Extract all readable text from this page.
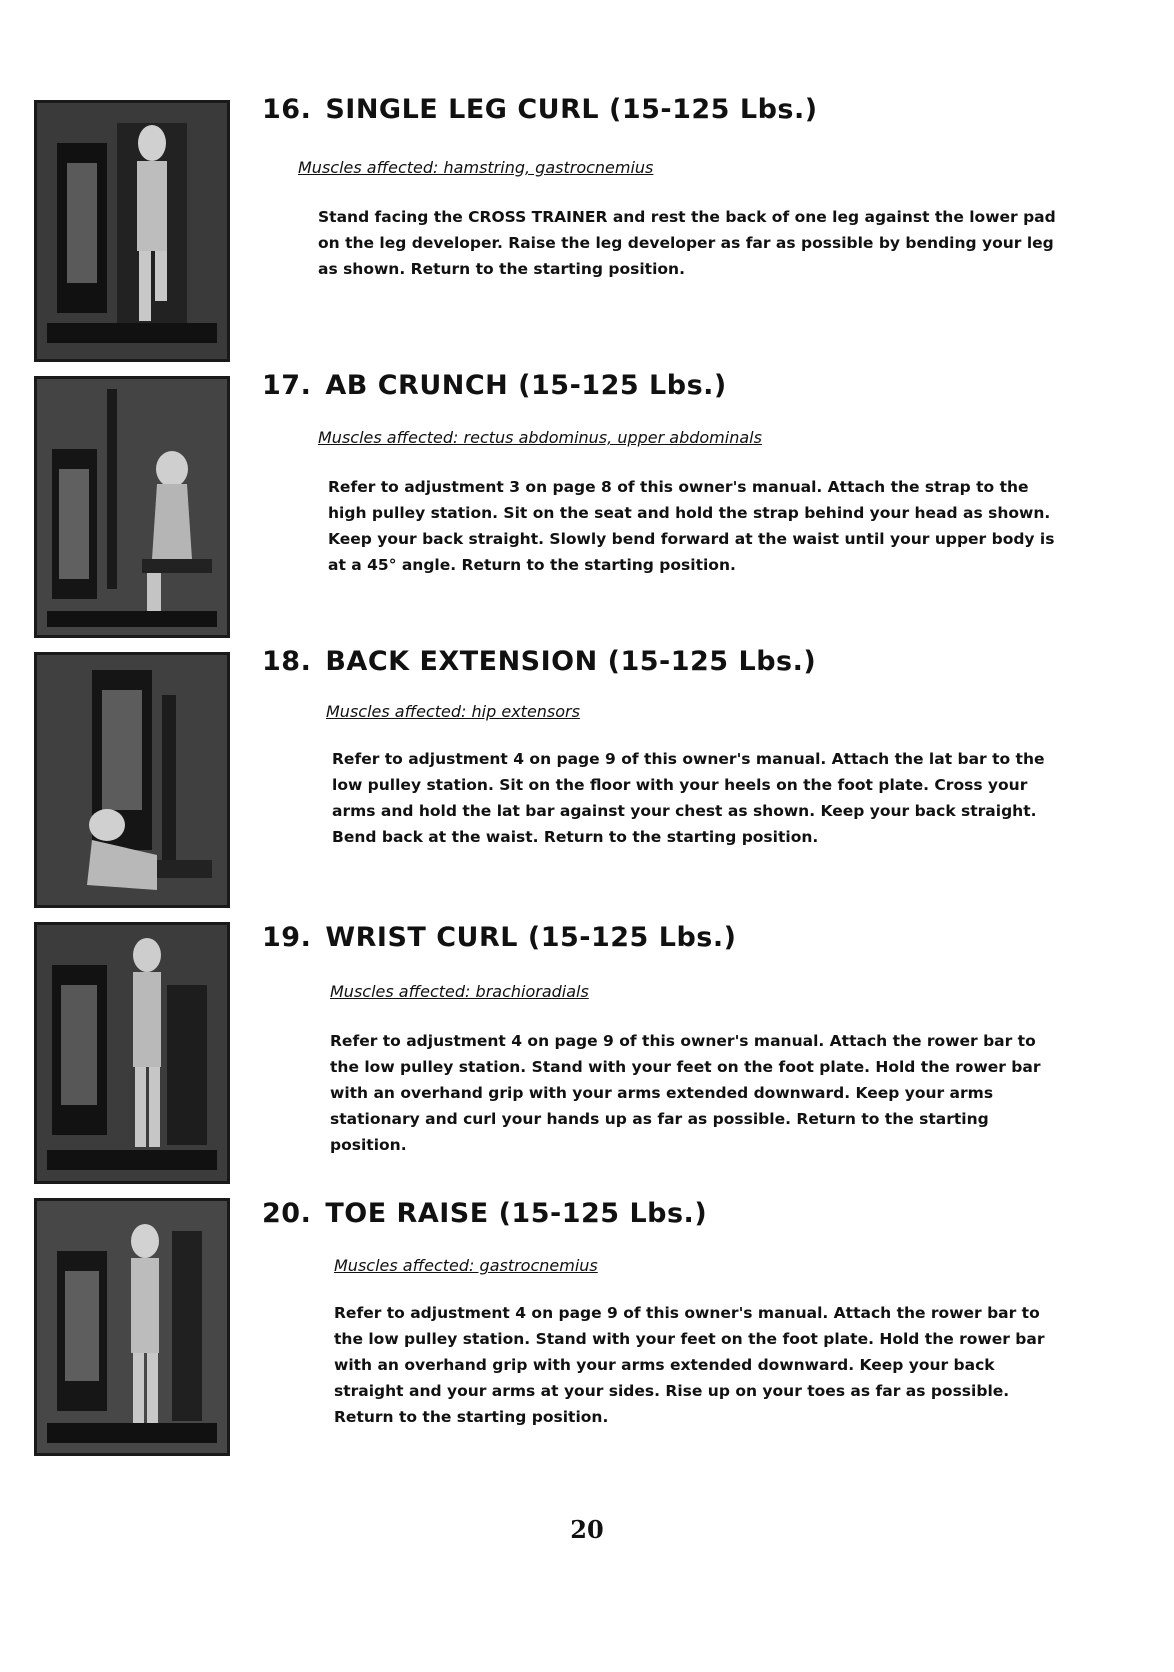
16. SINGLE LEG CURL (15-125 Lbs.)
Muscles affected: hamstring, gastrocnemius
Stand facing the CROSS TRAINER and rest the back of one leg against the lower pad on the leg developer. Raise the leg developer as far as possible by bending your leg as shown. Return to the starting position.
17. AB CRUNCH (15-125 Lbs.)
Muscles affected: rectus abdominus, upper abdominals
Refer to adjustment 3 on page 8 of this owner's manual. Attach the strap to the high pulley station. Sit on the seat and hold the strap behind your head as shown. Keep your back straight. Slowly bend forward at the waist until your upper body is at a 45° angle. Return to the starting position.
18. BACK EXTENSION (15-125 Lbs.)
Muscles affected: hip extensors
Refer to adjustment 4 on page 9 of this owner's manual. Attach the lat bar to the low pulley station. Sit on the floor with your heels on the foot plate. Cross your arms and hold the lat bar against your chest as shown. Keep your back straight. Bend back at the waist. Return to the starting position.
19. WRIST CURL (15-125 Lbs.)
Muscles affected: brachioradials
Refer to adjustment 4 on page 9 of this owner's manual. Attach the rower bar to the low pulley station. Stand with your feet on the foot plate. Hold the rower bar with an overhand grip with your arms extended downward. Keep your arms stationary and curl your hands up as far as possible. Return to the starting position.
20. TOE RAISE (15-125 Lbs.)
Muscles affected: gastrocnemius
Refer to adjustment 4 on page 9 of this owner's manual. Attach the rower bar to the low pulley station. Stand with your feet on the foot plate. Hold the rower bar with an overhand grip with your arms extended downward. Keep your back straight and your arms at your sides. Rise up on your toes as far as possible. Return to the starting position.
20
